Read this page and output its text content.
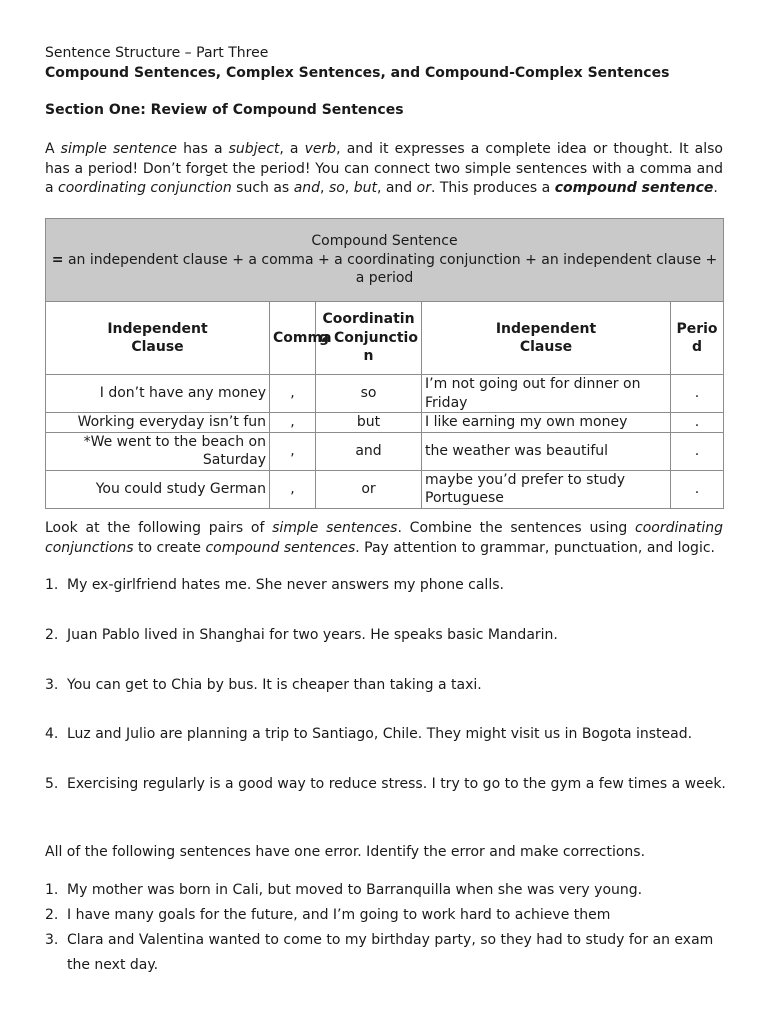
Sentence Structure – Part Three
Compound Sentences, Complex Sentences, and Compound-Complex Sentences
Section One: Review of Compound Sentences
A simple sentence has a subject, a verb, and it expresses a complete idea or thought. It also has a period! Don’t forget the period! You can connect two simple sentences with a comma and a coordinating conjunction such as and, so, but, and or. This produces a compound sentence.
Compound Sentence
= an independent clause + a comma + a coordinating conjunction + an independent clause + a period				

Independent Clause	Comma	Coordinating Conjunction	Independent Clause	Period
I don’t have any money	,	so	I’m not going out for dinner on Friday	.
Working everyday isn’t fun	,	but	I like earning my own money	.
*We went to the beach on Saturday	,	and	the weather was beautiful	.
You could study German	,	or	maybe you’d prefer to study Portuguese	.
Look at the following pairs of simple sentences. Combine the sentences using coordinating conjunctions to create compound sentences. Pay attention to grammar, punctuation, and logic.
1. My ex-girlfriend hates me. She never answers my phone calls.
2. Juan Pablo lived in Shanghai for two years. He speaks basic Mandarin.
3. You can get to Chia by bus. It is cheaper than taking a taxi.
4. Luz and Julio are planning a trip to Santiago, Chile. They might visit us in Bogota instead.
5. Exercising regularly is a good way to reduce stress. I try to go to the gym a few times a week.
All of the following sentences have one error. Identify the error and make corrections.
1. My mother was born in Cali, but moved to Barranquilla when she was very young.
2. I have many goals for the future, and I’m going to work hard to achieve them
3. Clara and Valentina wanted to come to my birthday party, so they had to study for an exam
the next day.
